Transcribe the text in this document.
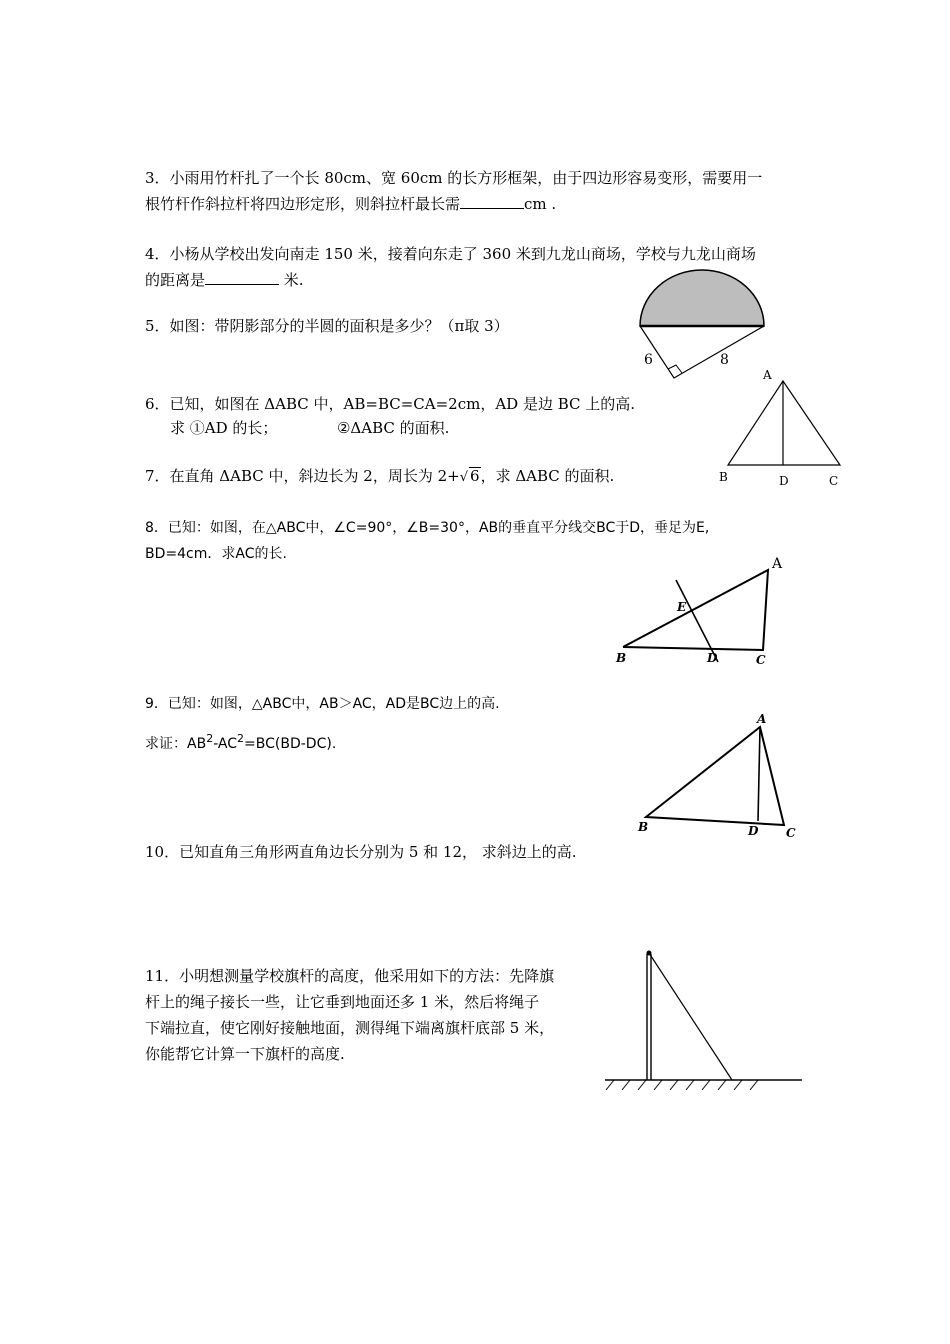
3．小雨用竹杆扎了一个长 80cm、宽 60cm 的长方形框架，由于四边形容易变形，需要用一
根竹杆作斜拉杆将四边形定形，则斜拉杆最长需	cm .
4．小杨从学校出发向南走 150 米，接着向东走了 360 米到九龙山商场，学校与九龙山商场
的距离是	米.
5．如图：带阴影部分的半圆的面积是多少？（π取 3）
6．已知，如图在 ΔABC 中，AB=BC=CA=2cm，AD 是边 BC 上的高.
求 ①AD 的长；	②ΔABC 的面积.
7．在直角 ΔABC 中，斜边长为 2，周长为 2+√ 6，求 ΔABC 的面积.
8．已知：如图，在△ABC中，∠C=90°，∠B=30°，AB的垂直平分线交BC于D，垂足为E,
BD=4cm．求AC的长.
9．已知：如图，△ABC中，AB＞AC，AD是BC边上的高.
求证：$AB^2-AC^2=BC(BD-DC)$.
10．已知直角三角形两直角边长分别为 5 和 12， 求斜边上的高.
11．小明想测量学校旗杆的高度，他采用如下的方法：先降旗
杆上的绳子接长一些，让它垂到地面还多 1 米，然后将绳子
下端拉直，使它刚好接触地面，测得绳下端离旗杆底部 5 米，
你能帮它计算一下旗杆的高度.
6	8
A
B	D	C
A
E
B	D	C
A
B	D C
